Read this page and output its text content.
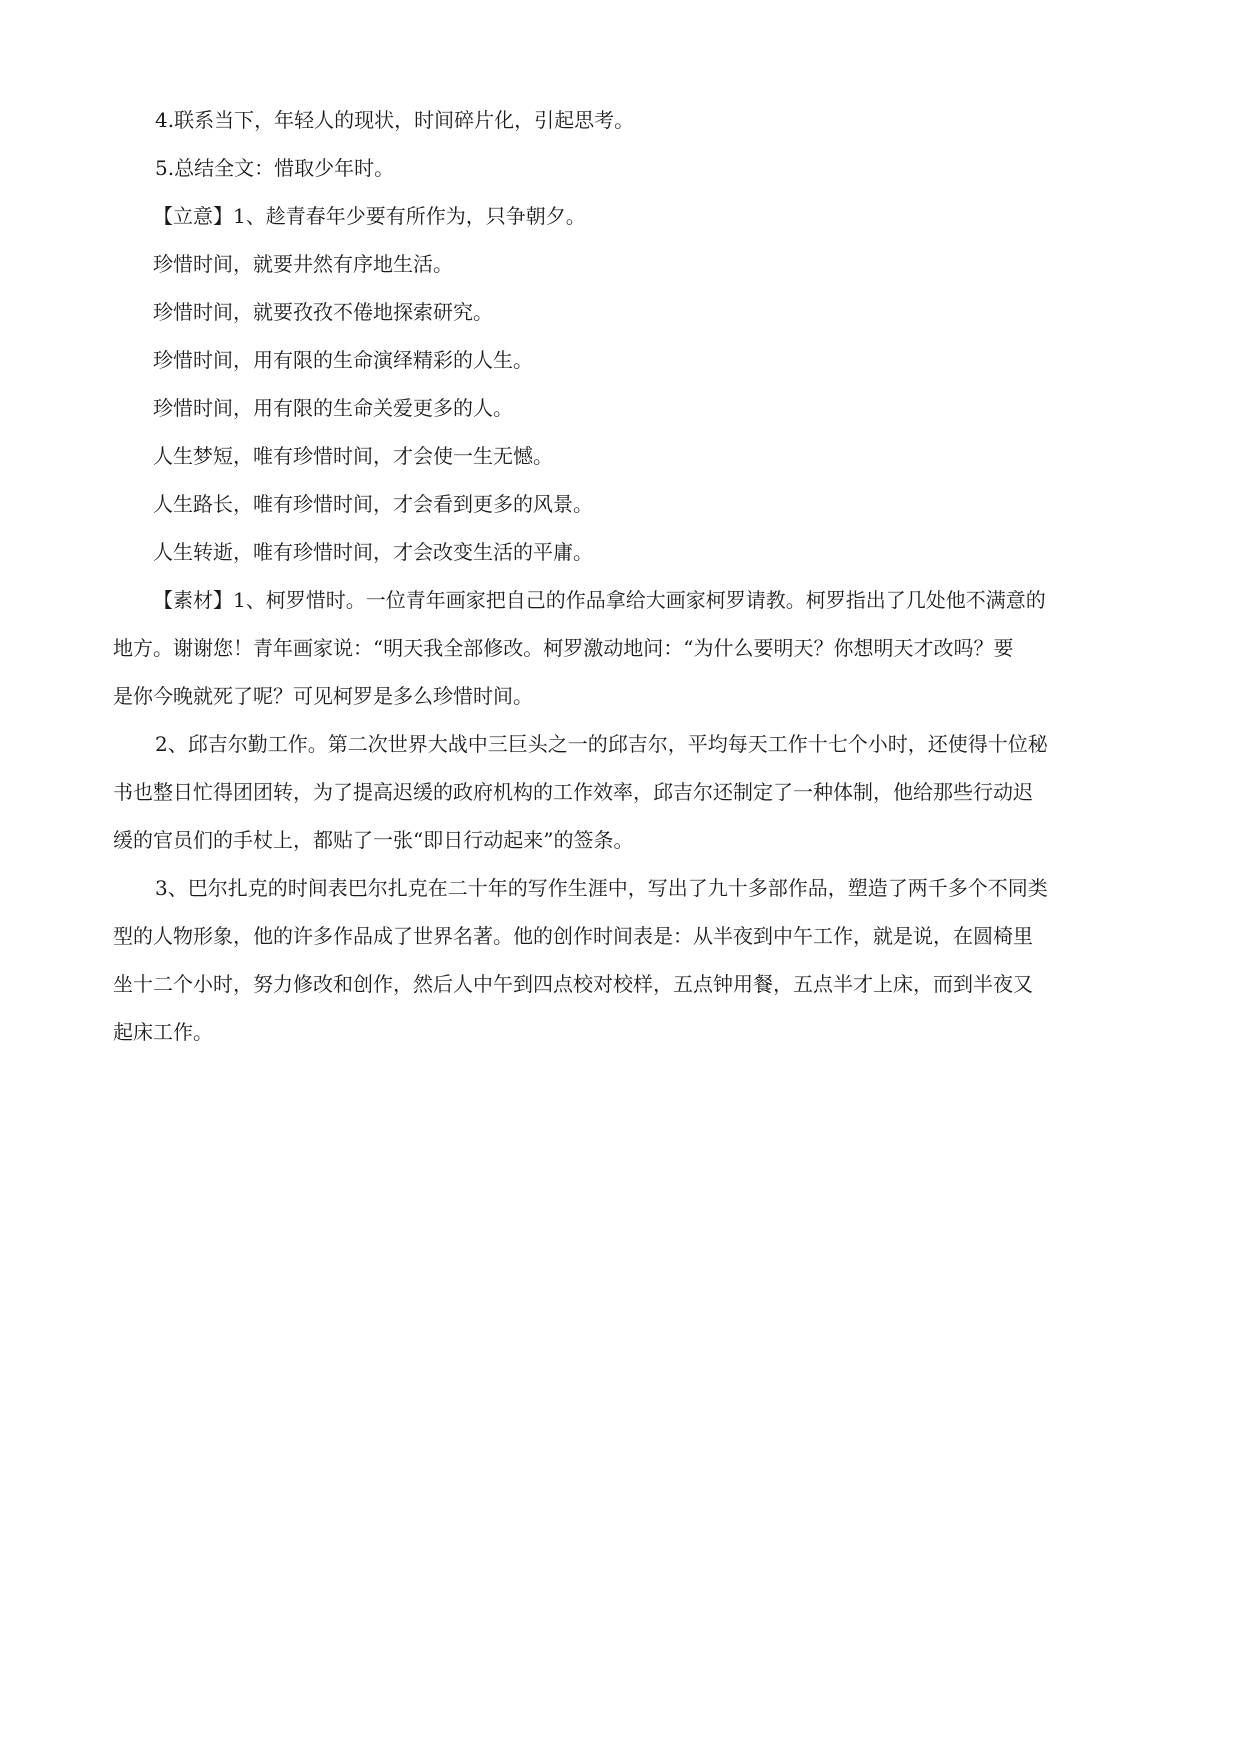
4.联系当下，年轻人的现状，时间碎片化，引起思考。
5.总结全文：惜取少年时。
【立意】1、趁青春年少要有所作为，只争朝夕。
珍惜时间，就要井然有序地生活。
珍惜时间，就要孜孜不倦地探索研究。
珍惜时间，用有限的生命演绎精彩的人生。
珍惜时间，用有限的生命关爱更多的人。
人生梦短，唯有珍惜时间，才会使一生无憾。
人生路长，唯有珍惜时间，才会看到更多的风景。
人生转逝，唯有珍惜时间，才会改变生活的平庸。
【素材】1、柯罗惜时。一位青年画家把自己的作品拿给大画家柯罗请教。柯罗指出了几处他不满意的
地方。谢谢您！青年画家说：“明天我全部修改。柯罗激动地问：“为什么要明天？你想明天才改吗？要
是你今晚就死了呢？可见柯罗是多么珍惜时间。
2、邱吉尔勤工作。第二次世界大战中三巨头之一的邱吉尔，平均每天工作十七个小时，还使得十位秘
书也整日忙得团团转，为了提高迟缓的政府机构的工作效率，邱吉尔还制定了一种体制，他给那些行动迟
缓的官员们的手杖上，都贴了一张“即日行动起来”的签条。
3、巴尔扎克的时间表巴尔扎克在二十年的写作生涯中，写出了九十多部作品，塑造了两千多个不同类
型的人物形象，他的许多作品成了世界名著。他的创作时间表是：从半夜到中午工作，就是说，在圆椅里
坐十二个小时，努力修改和创作，然后人中午到四点校对校样，五点钟用餐，五点半才上床，而到半夜又
起床工作。
